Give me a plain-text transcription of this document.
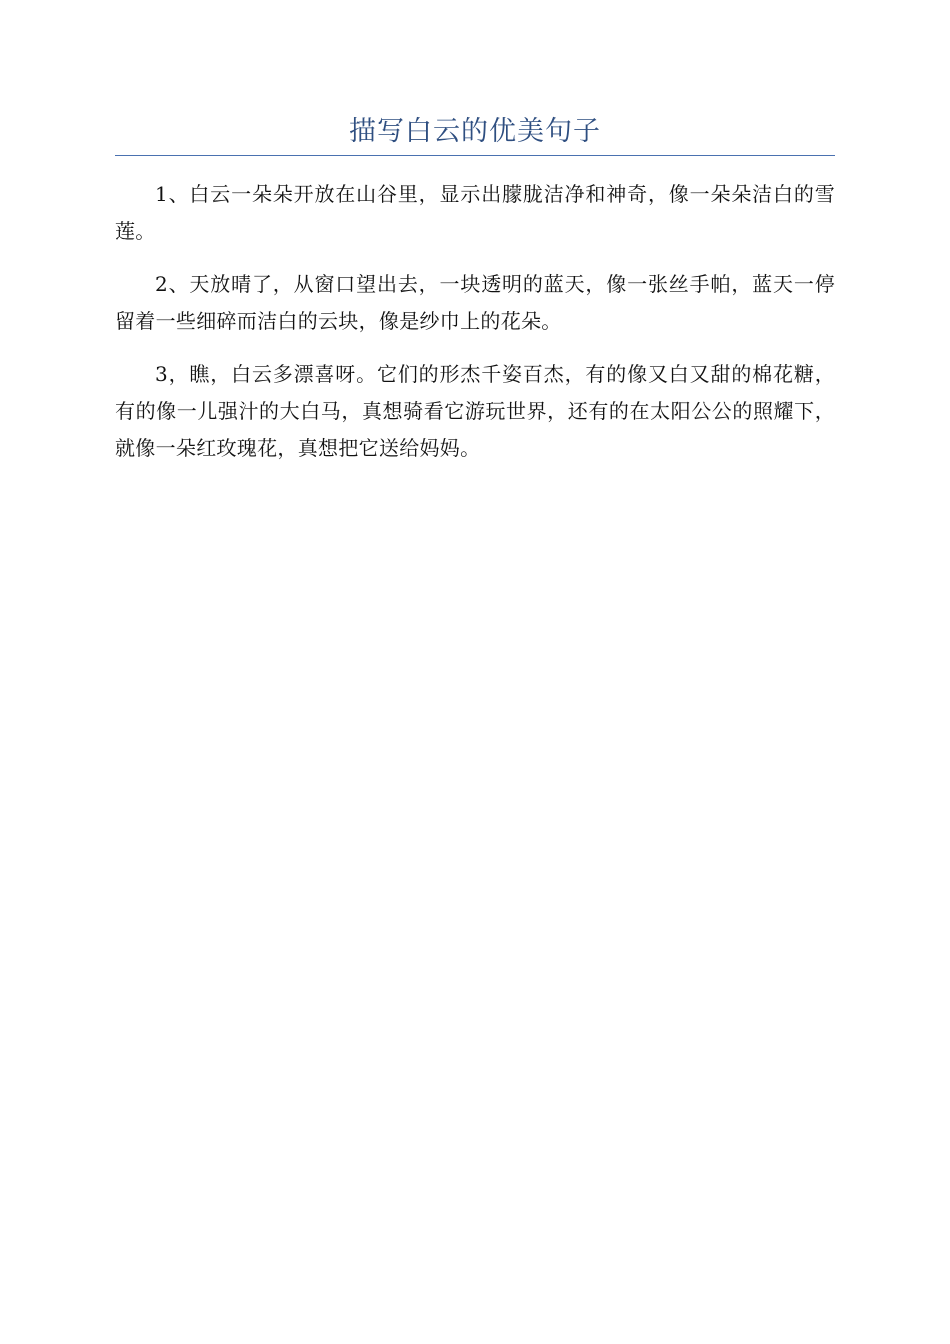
描写白云的优美句子

1、白云一朵朵开放在山谷里，显示出朦胧洁净和神奇，像一朵朵洁白的雪莲。

2、天放晴了，从窗口望出去，一块透明的蓝天，像一张丝手帕，蓝天一停留着一些细碎而洁白的云块，像是纱巾上的花朵。

3，瞧，白云多漂喜呀。它们的形杰千姿百杰，有的像又白又甜的棉花糖，有的像一儿强汁的大白马，真想骑看它游玩世界，还有的在太阳公公的照耀下，就像一朵红玫瑰花，真想把它送给妈妈。
